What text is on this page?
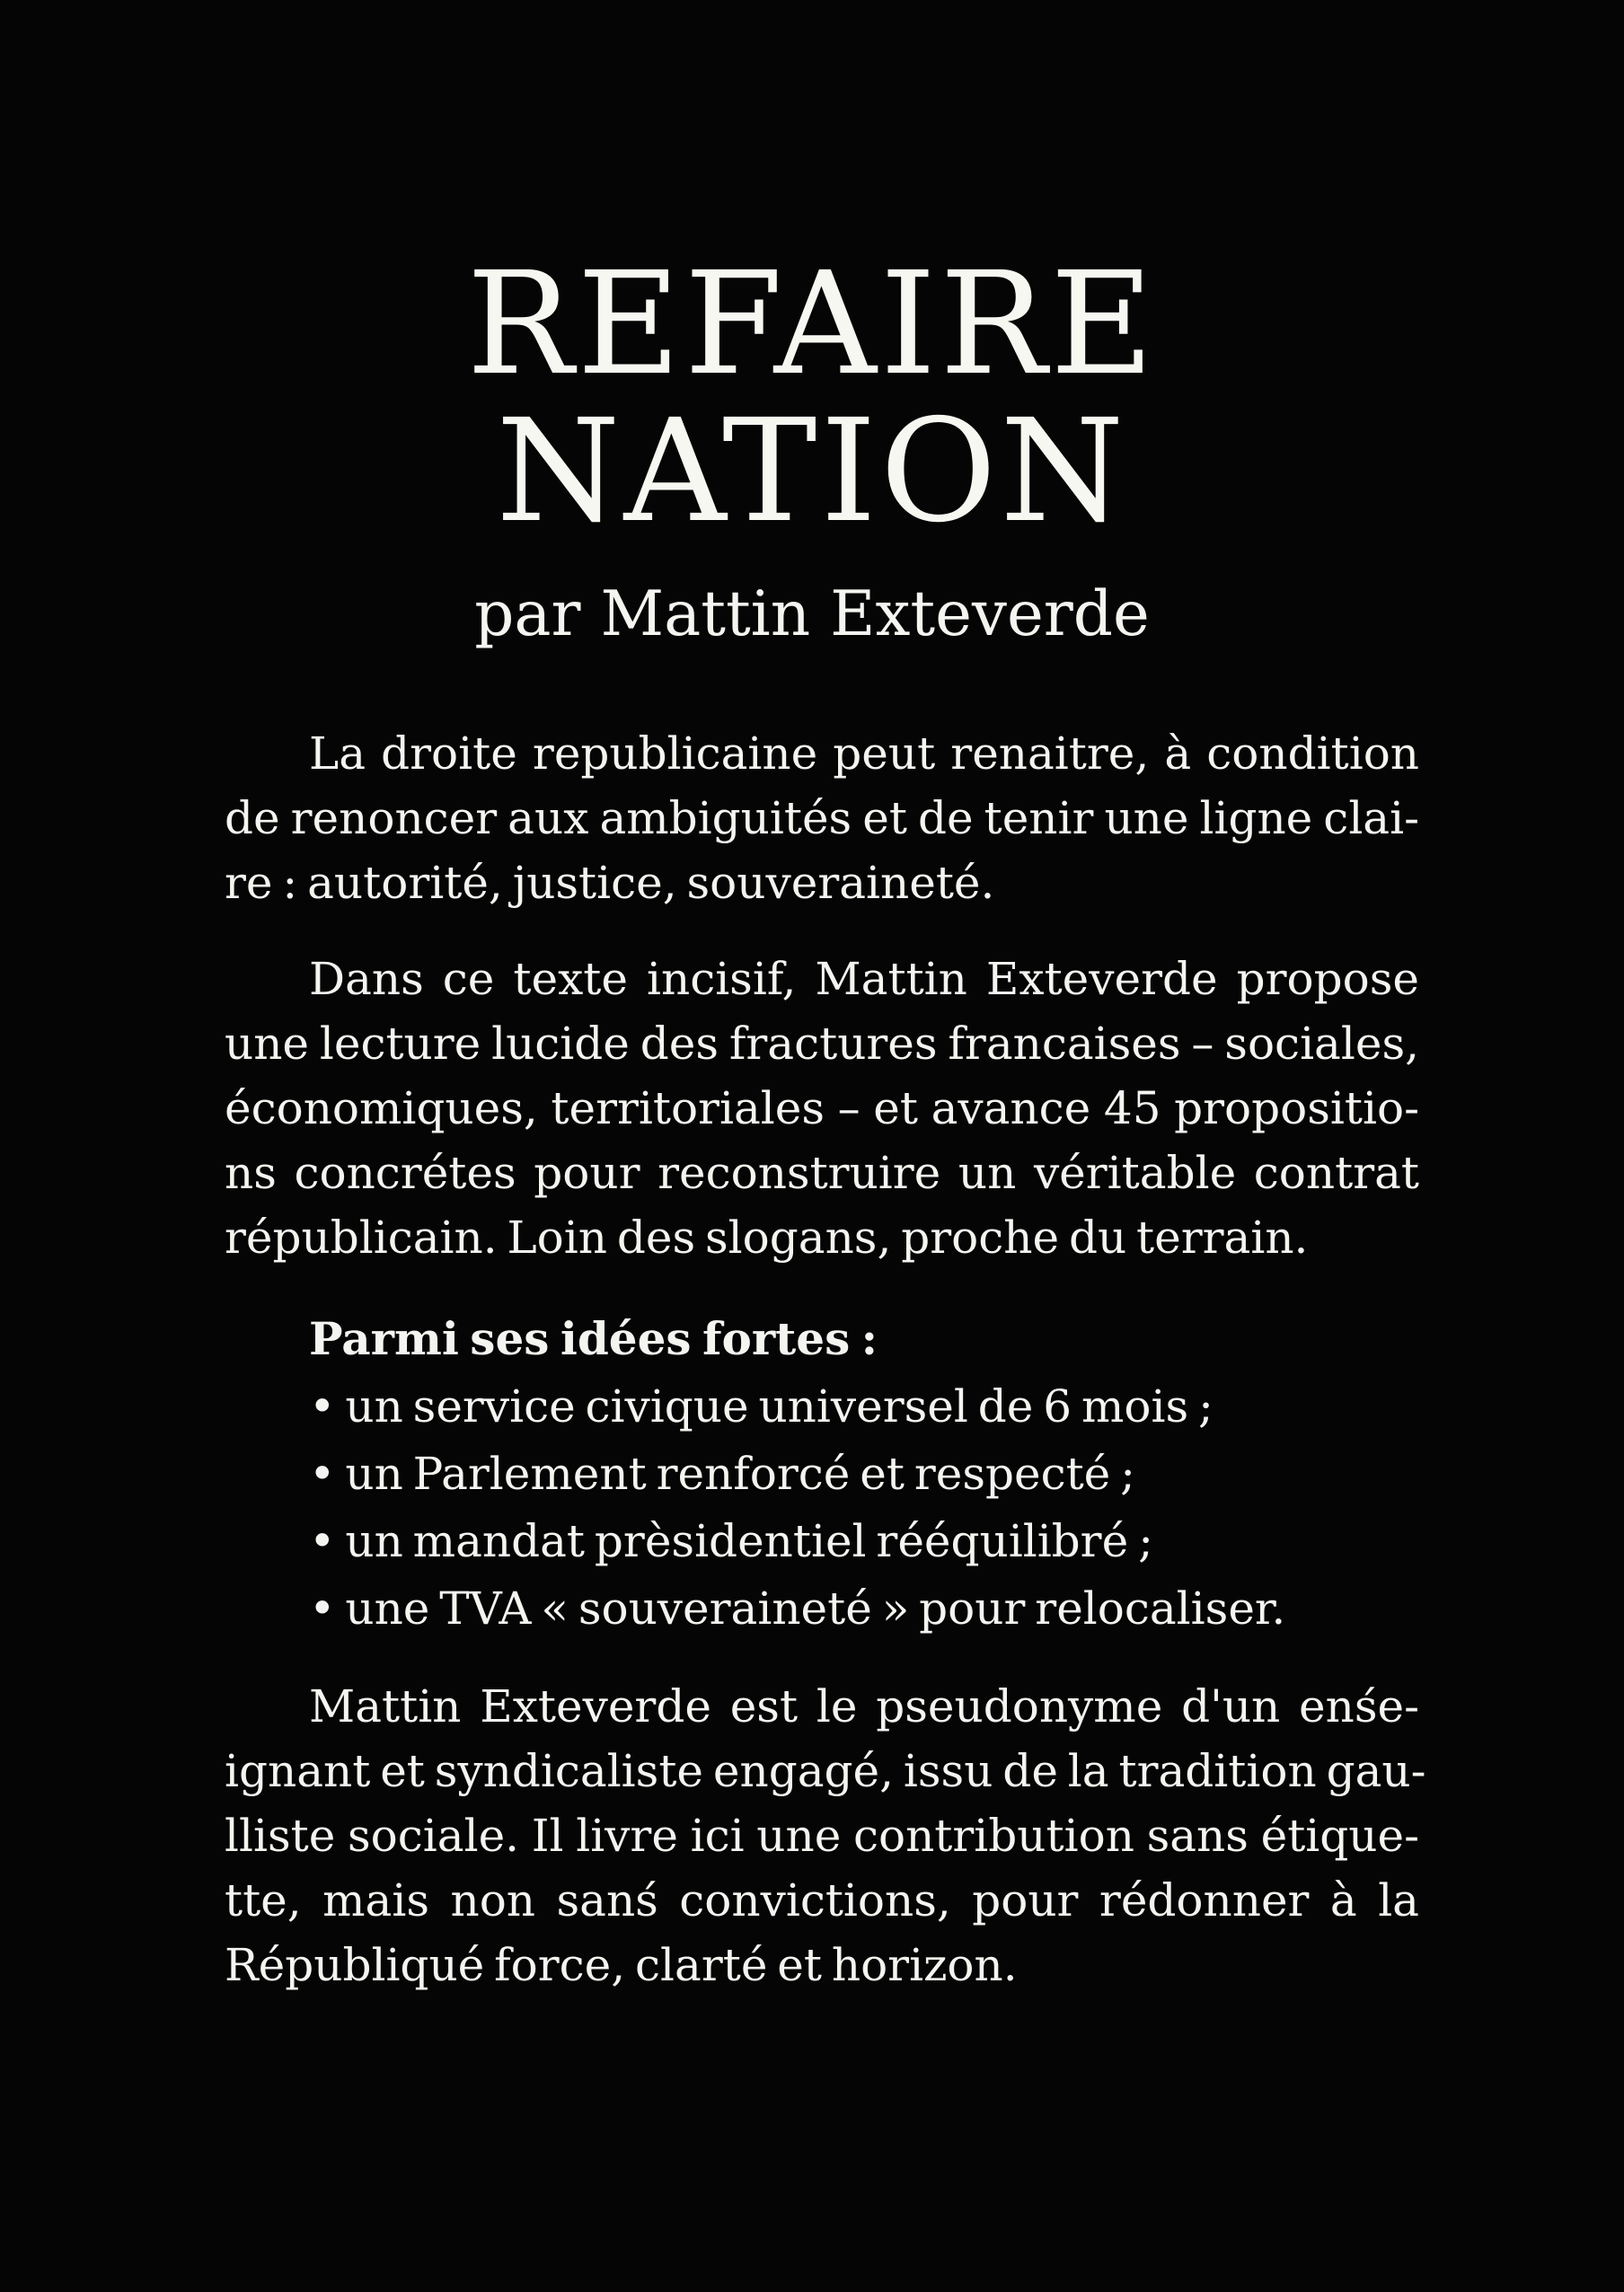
REFAIRE
NATION

par Mattin Exteverde

La droite republicaine peut renaitre, à condition
de renoncer aux ambiguités et de tenir une ligne clai-
re : autorité, justice, souveraineté.
Dans ce texte incisif, Mattin Exteverde propose
une lecture lucide des fractures francaises – sociales,
économiques, territoriales – et avance 45 propositio-
ns concrétes pour reconstruire un véritable contrat
républicain. Loin des slogans, proche du terrain.
Parmi ses idées fortes :
• un service civique universel de 6 mois ;
• un Parlement renforcé et respecté ;
• un mandat prèsidentiel rééquilibré ;
• une TVA « souveraineté » pour relocaliser.
Mattin Exteverde est le pseudonyme d'un enśe-
ignant et syndicaliste engagé, issu de la tradition gau-
lliste sociale. Il livre ici une contribution sans étique-
tte, mais non sanś convictions, pour rédonner à la
Républiqué force, clarté et horizon.
